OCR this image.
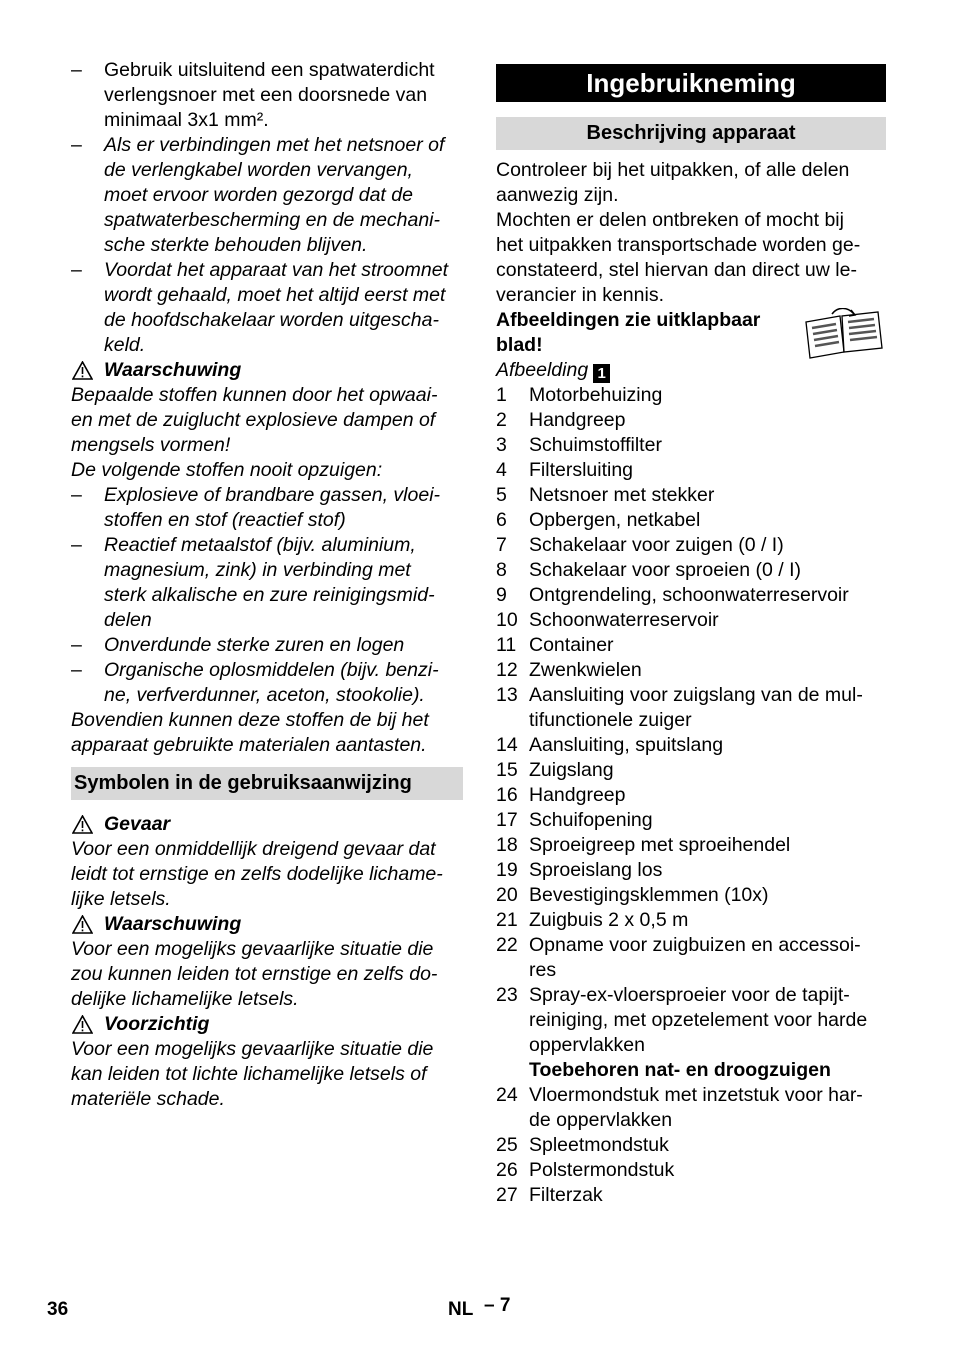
– Gebruik uitsluitend een spatwaterdicht
verlengsnoer met een doorsnede van
minimaal 3x1 mm².
– Als er verbindingen met het netsnoer of
de verlengkabel worden vervangen,
moet ervoor worden gezorgd dat de
spatwaterbescherming en de mechani-
sche sterkte behouden blijven.
– Voordat het apparaat van het stroomnet
wordt gehaald, moet het altijd eerst met
de hoofdschakelaar worden uitgescha-
keld.
Waarschuwing
Bepaalde stoffen kunnen door het opwaai-
en met de zuiglucht explosieve dampen of
mengsels vormen!
De volgende stoffen nooit opzuigen:
– Explosieve of brandbare gassen, vloei-
stoffen en stof (reactief stof)
– Reactief metaalstof (bijv. aluminium,
magnesium, zink) in verbinding met
sterk alkalische en zure reinigingsmid-
delen
– Onverdunde sterke zuren en logen
– Organische oplosmiddelen (bijv. benzi-
ne, verfverdunner, aceton, stookolie).
Bovendien kunnen deze stoffen de bij het
apparaat gebruikte materialen aantasten.
Symbolen in de gebruiksaanwijzing
Gevaar
Voor een onmiddellijk dreigend gevaar dat
leidt tot ernstige en zelfs dodelijke lichame-
lijke letsels.
Waarschuwing
Voor een mogelijks gevaarlijke situatie die
zou kunnen leiden tot ernstige en zelfs do-
delijke lichamelijke letsels.
Voorzichtig
Voor een mogelijks gevaarlijke situatie die
kan leiden tot lichte lichamelijke letsels of
materiële schade.
Ingebruikneming
Beschrijving apparaat
Controleer bij het uitpakken, of alle delen
aanwezig zijn.
Mochten er delen ontbreken of mocht bij
het uitpakken transportschade worden ge-
constateerd, stel hiervan dan direct uw le-
verancier in kennis.
Afbeeldingen zie uitklapbaar
blad!
Afbeelding 1
1 Motorbehuizing
2 Handgreep
3 Schuimstoffilter
4 Filtersluiting
5 Netsnoer met stekker
6 Opbergen, netkabel
7 Schakelaar voor zuigen (0 / I)
8 Schakelaar voor sproeien (0 / I)
9 Ontgrendeling, schoonwaterreservoir
10 Schoonwaterreservoir
11 Container
12 Zwenkwielen
13 Aansluiting voor zuigslang van de mul-
tifunctionele zuiger
14 Aansluiting, spuitslang
15 Zuigslang
16 Handgreep
17 Schuifopening
18 Sproeigreep met sproeihendel
19 Sproeislang los
20 Bevestigingsklemmen (10x)
21 Zuigbuis 2 x 0,5 m
22 Opname voor zuigbuizen en accessoi-
res
23 Spray-ex-vloersproeier voor de tapijt-
reiniging, met opzetelement voor harde
oppervlakken
Toebehoren nat- en droogzuigen
24 Vloermondstuk met inzetstuk voor har-
de oppervlakken
25 Spleetmondstuk
26 Polstermondstuk
27 Filterzak
36	NL – 7
